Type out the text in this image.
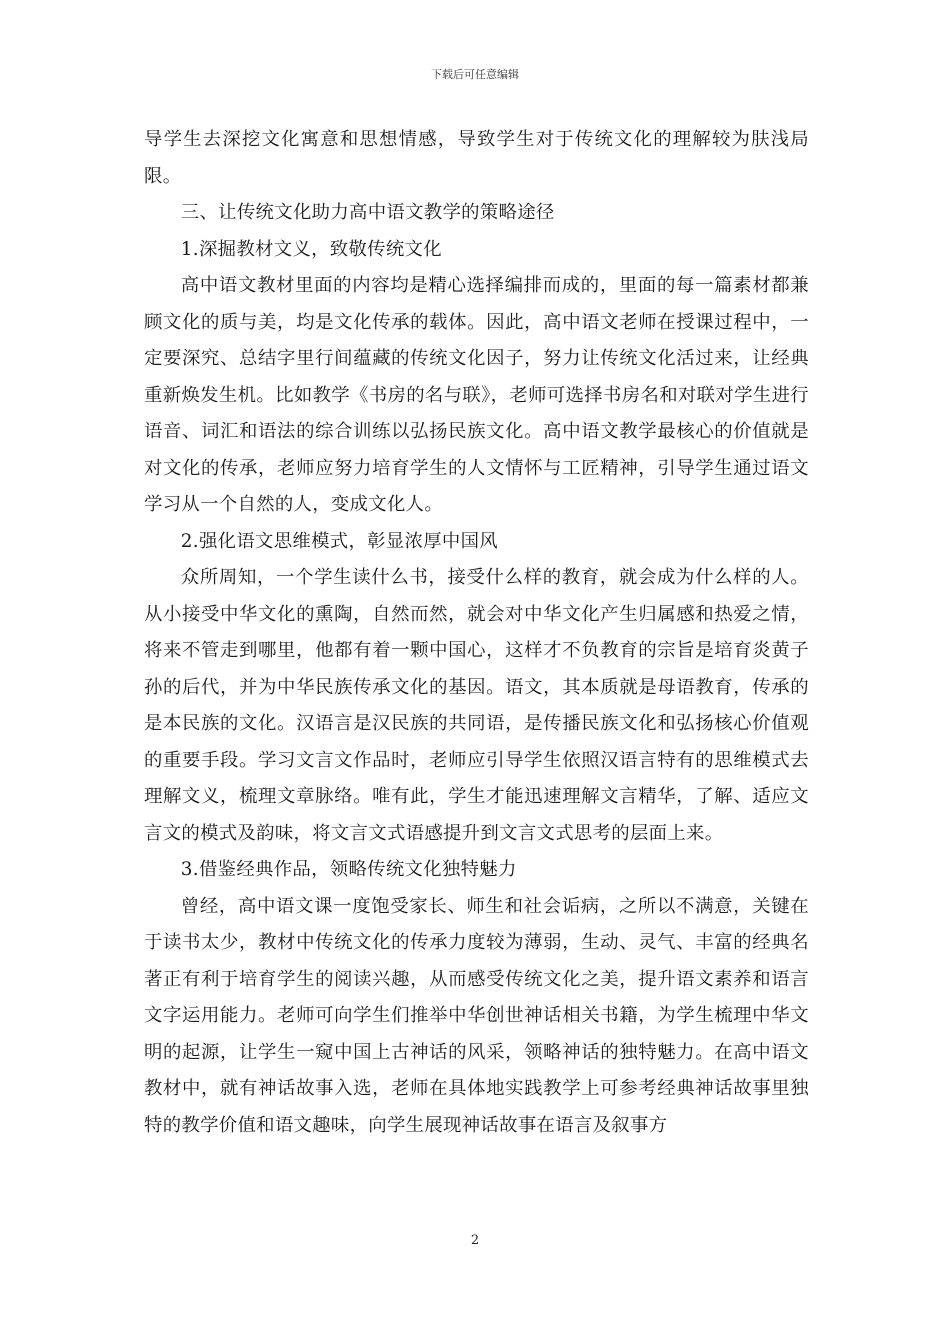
下载后可任意编辑

导学生去深挖文化寓意和思想情感，导致学生对于传统文化的理解较为肤浅局限。

三、让传统文化助力高中语文教学的策略途径

1.深掘教材文义，致敬传统文化

高中语文教材里面的内容均是精心选择编排而成的，里面的每一篇素材都兼顾文化的质与美，均是文化传承的载体。因此，高中语文老师在授课过程中，一定要深究、总结字里行间蕴藏的传统文化因子，努力让传统文化活过来，让经典重新焕发生机。比如教学《书房的名与联》，老师可选择书房名和对联对学生进行语音、词汇和语法的综合训练以弘扬民族文化。高中语文教学最核心的价值就是对文化的传承，老师应努力培育学生的人文情怀与工匠精神，引导学生通过语文学习从一个自然的人，变成文化人。

2.强化语文思维模式，彰显浓厚中国风

众所周知，一个学生读什么书，接受什么样的教育，就会成为什么样的人。从小接受中华文化的熏陶，自然而然，就会对中华文化产生归属感和热爱之情，将来不管走到哪里，他都有着一颗中国心，这样才不负教育的宗旨是培育炎黄子孙的后代，并为中华民族传承文化的基因。语文，其本质就是母语教育，传承的是本民族的文化。汉语言是汉民族的共同语，是传播民族文化和弘扬核心价值观的重要手段。学习文言文作品时，老师应引导学生依照汉语言特有的思维模式去理解文义，梳理文章脉络。唯有此，学生才能迅速理解文言精华，了解、适应文言文的模式及韵味，将文言文式语感提升到文言文式思考的层面上来。

3.借鉴经典作品，领略传统文化独特魅力

曾经，高中语文课一度饱受家长、师生和社会诟病，之所以不满意，关键在于读书太少，教材中传统文化的传承力度较为薄弱，生动、灵气、丰富的经典名著正有利于培育学生的阅读兴趣，从而感受传统文化之美，提升语文素养和语言文字运用能力。老师可向学生们推举中华创世神话相关书籍，为学生梳理中华文明的起源，让学生一窥中国上古神话的风采，领略神话的独特魅力。在高中语文教材中，就有神话故事入选，老师在具体地实践教学上可参考经典神话故事里独特的教学价值和语文趣味，向学生展现神话故事在语言及叙事方

2
